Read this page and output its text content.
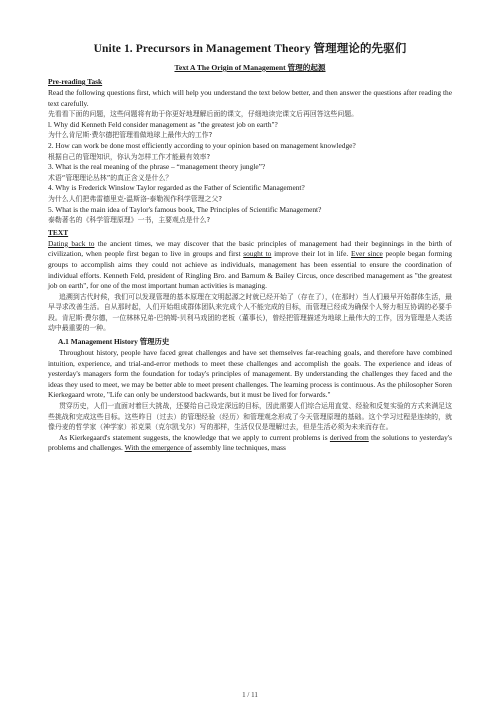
Unite 1. Precursors in Management Theory 管理理论的先驱们
Text A The Origin of Management 管理的起源
Pre-reading Task

Read the following questions first, which will help you understand the text below better, and then answer the questions after reading the text carefully.

先看看下面的问题，这些问题将有助于你更好地理解后面的课文，仔细地读完课文后再回答这些问题。

l. Why did Kenneth Feld consider management as "the greatest job on earth"?

为什么肯尼斯·费尔德把管理看做地球上最伟大的工作?

2. How can work be done most efficiently according to your opinion based on management knowledge?

根据自己的管理知识，你认为怎样工作才能最有效率?

3. What is the real meaning of the phrase – “management theory jungle”?

术语“管理理论丛林”的真正含义是什么？

4. Why is Frederick Winslow Taylor regarded as the Father of Scientific Management?

为什么人们把弗雷德里克-温斯洛-泰勒视作科学管理之父?

5. What is the main idea of Taylor's famous book, The Principles of Scientific Management?

泰勒著名的《科学管理原理》一书，主要观点是什么?

TEXT

Dating back to the ancient times, we may discover that the basic principles of management had their beginnings in the birth of civilization, when people first began to live in groups and first sought to improve their lot in life. Ever since people began forming groups to accomplish aims they could not achieve as individuals, management has been essential to ensure the coordination of individual efforts. Kenneth Feld, president of Ringling Bro. and Barnum & Bailey Circus, once described management as "the greatest job on earth", for one of the most important human activities is managing.

追溯到古代时候，我们可以发现管理的基本原理在文明起源之时就已经开始了（存在了），(在那时）当人们最早开始群体生活，最早寻求改善生活。自从那时起，人们开始组成群体团队来完成个人不能完成的目标，而管理已经成为确保个人努力相互协调的必要手段。肯尼斯·费尔德，一位林林兄弟-巴纳姆-贝利马戏团的老板（董事长)，曾经把管理描述为地球上最伟大的工作，因为管理是人类活动中最重要的一种。

A.1 Management History 管理历史

Throughout history, people have faced great challenges and have set themselves far-reaching goals, and therefore have combined intuition, experience, and trial-and-error methods to meet these challenges and accomplish the goals. The experience and ideas of yesterday's managers form the foundation for today's principles of management. By understanding the challenges they faced and the ideas they used to meet, we may be better able to meet present challenges. The learning process is continuous. As the philosopher Soren Kierkegaard wrote, "Life can only be understood backwards, but it must be lived for forwards."

贯穿历史，人们一直面对着巨大挑战，还要给自己设定深远的目标，因此需要人们综合运用直觉、经验和反复实验的方式来满足这些挑战和完成这些目标。这些昨日（过去）的管理经验（经历）和管理观念形成了今天管理原理的基础。这个学习过程是连续的，就像丹麦的哲学家（神学家）祁克果（克尔凯戈尔）写的那样，生活仅仅是理解过去，但是生活必须为未来而存在。

As Kierkegaard's statement suggests, the knowledge that we apply to current problems is derived from the solutions to yesterday's problems and challenges. With the emergence of assembly line techniques, mass

1 / 11
